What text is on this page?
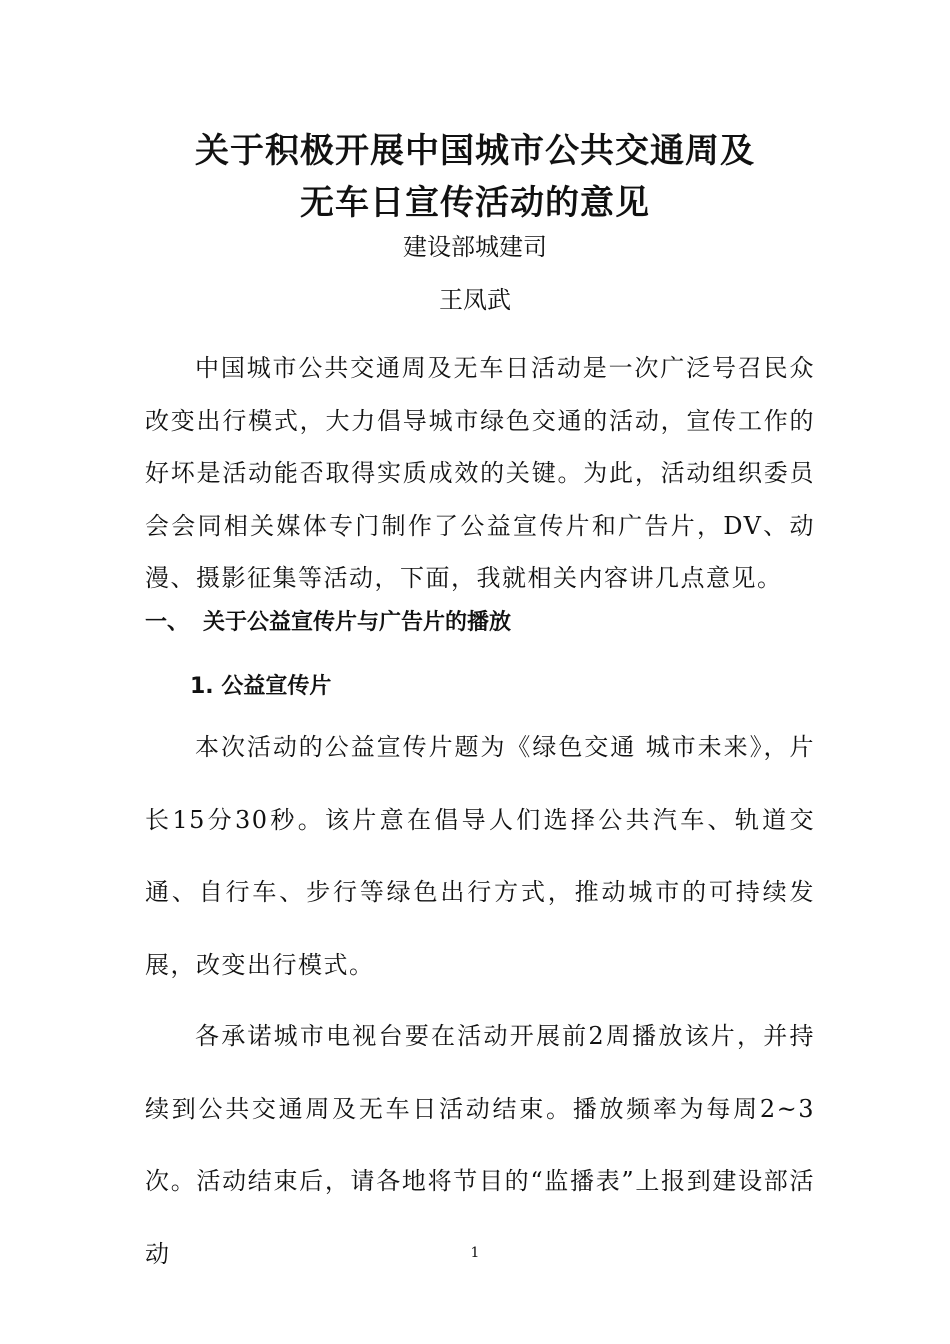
关于积极开展中国城市公共交通周及
无车日宣传活动的意见
建设部城建司
王凤武

中国城市公共交通周及无车日活动是一次广泛号召民众改变出行模式，大力倡导城市绿色交通的活动，宣传工作的好坏是活动能否取得实质成效的关键。为此，活动组织委员会会同相关媒体专门制作了公益宣传片和广告片，DV、动漫、摄影征集等活动，下面，我就相关内容讲几点意见。

一、 关于公益宣传片与广告片的播放
1. 公益宣传片

本次活动的公益宣传片题为《绿色交通 城市未来》，片长15分30秒。该片意在倡导人们选择公共汽车、轨道交通、自行车、步行等绿色出行方式，推动城市的可持续发展，改变出行模式。

各承诺城市电视台要在活动开展前2周播放该片，并持续到公共交通周及无车日活动结束。播放频率为每周2~3次。活动结束后，请各地将节目的“监播表”上报到建设部活动	1
